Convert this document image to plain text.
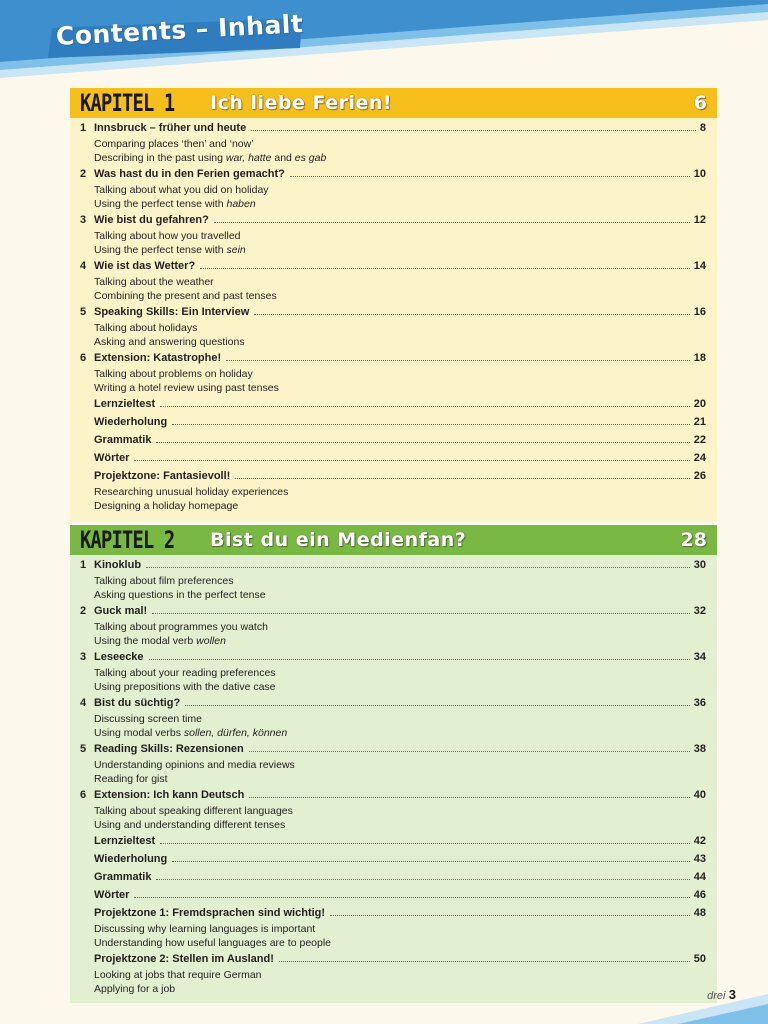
Contents – Inhalt
KAPITEL 1 Ich liebe Ferien!	6
1 Innsbruck – früher und heute	8
Comparing places ‘then’ and ‘now’
Describing in the past using war, hatte and es gab
2 Was hast du in den Ferien gemacht?	10
Talking about what you did on holiday
Using the perfect tense with haben
3 Wie bist du gefahren?	12
Talking about how you travelled
Using the perfect tense with sein
4 Wie ist das Wetter?	14
Talking about the weather
Combining the present and past tenses
5 Speaking Skills: Ein Interview	16
Talking about holidays
Asking and answering questions
6 Extension: Katastrophe!	18
Talking about problems on holiday
Writing a hotel review using past tenses
Lernzieltest	20
Wiederholung	21
Grammatik	22
Wörter	24
Projektzone: Fantasievoll!	26
Researching unusual holiday experiences
Designing a holiday homepage
KAPITEL 2 Bist du ein Medienfan?	28
1 Kinoklub	30
Talking about film preferences
Asking questions in the perfect tense
2 Guck mal!	32
Talking about programmes you watch
Using the modal verb wollen
3 Leseecke	34
Talking about your reading preferences
Using prepositions with the dative case
4 Bist du süchtig?	36
Discussing screen time
Using modal verbs sollen, dürfen, können
5 Reading Skills: Rezensionen	38
Understanding opinions and media reviews
Reading for gist
6 Extension: Ich kann Deutsch	40
Talking about speaking different languages
Using and understanding different tenses
Lernzieltest	42
Wiederholung	43
Grammatik	44
Wörter	46
Projektzone 1: Fremdsprachen sind wichtig!	48
Discussing why learning languages is important
Understanding how useful languages are to people
Projektzone 2: Stellen im Ausland!	50
Looking at jobs that require German
Applying for a job
drei 3
